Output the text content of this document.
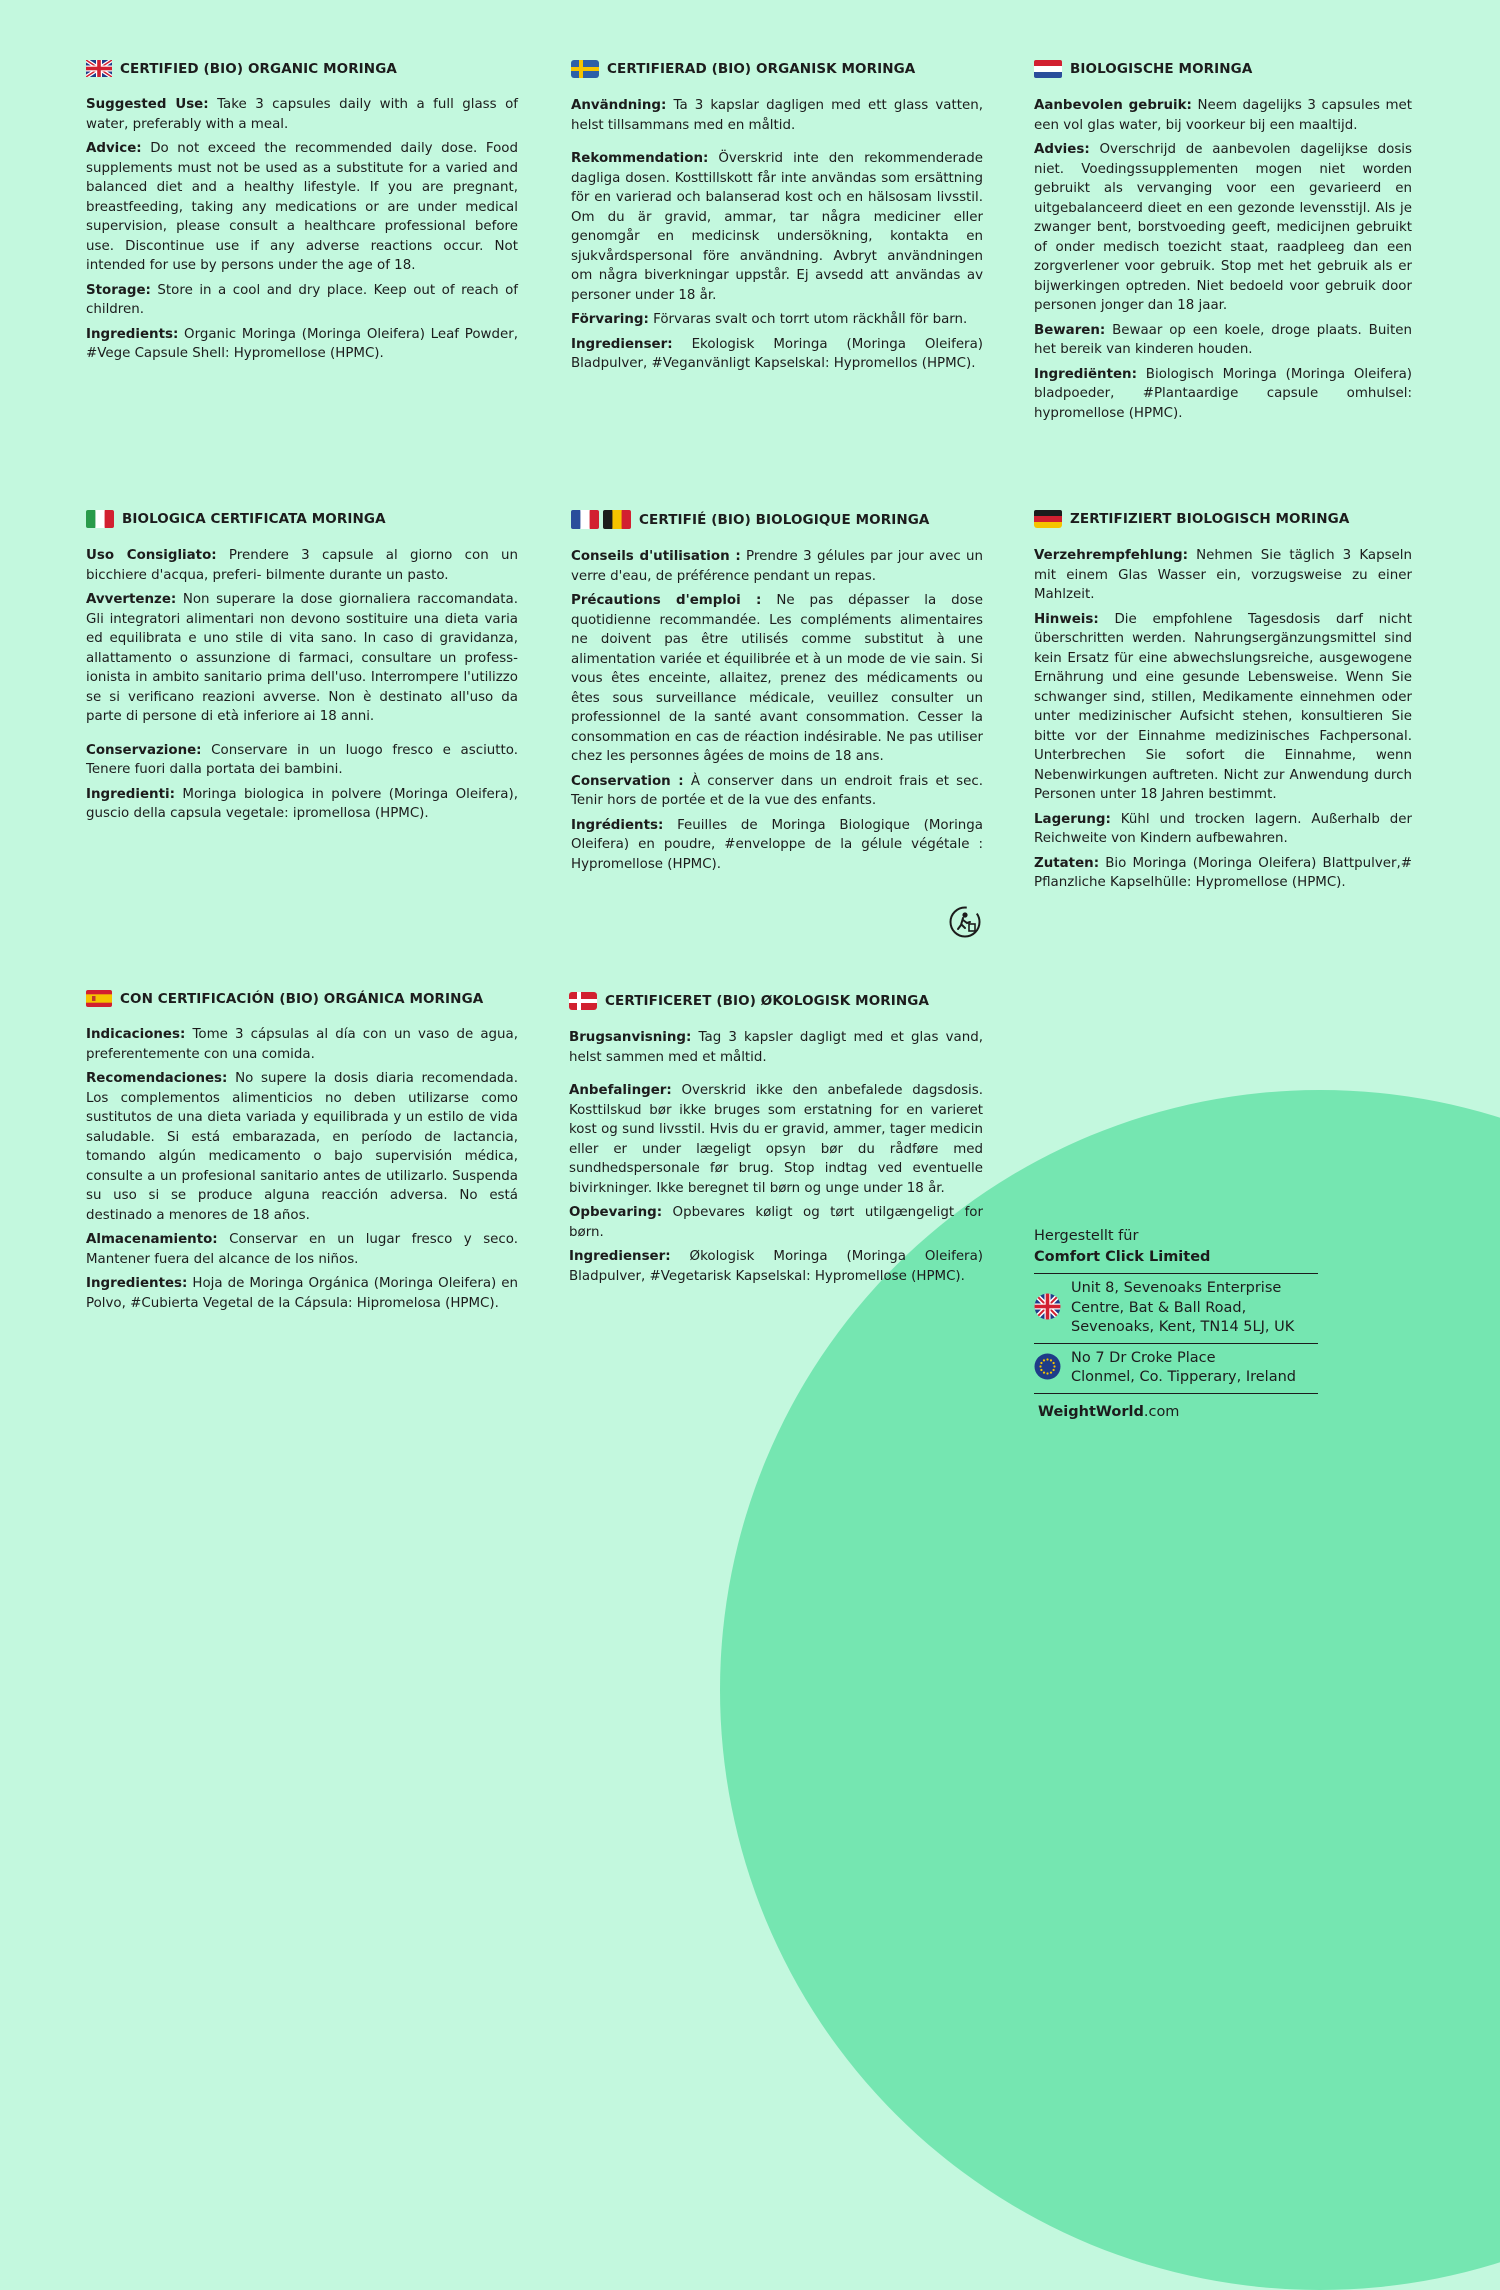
CERTIFIED (BIO) ORGANIC MORINGA
Suggested Use: Take 3 capsules daily with a full glass of water, preferably with a meal.
Advice: Do not exceed the recommended daily dose. Food supplements must not be used as a substitute for a varied and balanced diet and a healthy lifestyle. If you are pregnant, breastfeeding, taking any medications or are under medical supervision, please consult a healthcare professional before use. Discontinue use if any adverse reactions occur. Not intended for use by persons under the age of 18.
Storage: Store in a cool and dry place. Keep out of reach of children.
Ingredients: Organic Moringa (Moringa Oleifera) Leaf Powder, #Vege Capsule Shell: Hypromellose (HPMC).
CERTIFIERAD (BIO) ORGANISK MORINGA
Användning: Ta 3 kapslar dagligen med ett glass vatten, helst tillsammans med en måltid.
Rekommendation: Överskrid inte den rekommenderade dagliga dosen. Kosttillskott får inte användas som ersättning för en varierad och balanserad kost och en hälsosam livsstil. Om du är gravid, ammar, tar några mediciner eller genomgår en medicinsk undersökning, kontakta en sjukvårdspersonal före användning. Avbryt användningen om några biverkningar uppstår. Ej avsedd att användas av personer under 18 år.
Förvaring: Förvaras svalt och torrt utom räckhåll för barn.
Ingredienser: Ekologisk Moringa (Moringa Oleifera) Bladpulver, #Veganvänligt Kapselskal: Hypromellos (HPMC).
BIOLOGISCHE MORINGA
Aanbevolen gebruik: Neem dagelijks 3 capsules met een vol glas water, bij voorkeur bij een maaltijd.
Advies: Overschrijd de aanbevolen dagelijkse dosis niet. Voedingssupplementen mogen niet worden gebruikt als vervanging voor een gevarieerd en uitgebalanceerd dieet en een gezonde levensstijl. Als je zwanger bent, borstvoeding geeft, medicijnen gebruikt of onder medisch toezicht staat, raadpleeg dan een zorgverlener voor gebruik. Stop met het gebruik als er bijwerkingen optreden. Niet bedoeld voor gebruik door personen jonger dan 18 jaar.
Bewaren: Bewaar op een koele, droge plaats. Buiten het bereik van kinderen houden.
Ingrediënten: Biologisch Moringa (Moringa Oleifera) bladpoeder, #Plantaardige capsule omhulsel: hypromellose (HPMC).
BIOLOGICA CERTIFICATA MORINGA
Uso Consigliato: Prendere 3 capsule al giorno con un bicchiere d'acqua, preferi- bilmente durante un pasto.
Avvertenze: Non superare la dose giornaliera raccomandata. Gli integratori alimentari non devono sostituire una dieta varia ed equilibrata e uno stile di vita sano. In caso di gravidanza, allattamento o assunzione di farmaci, consultare un profess- ionista in ambito sanitario prima dell'uso. Interrompere l'utilizzo se si verificano reazioni avverse. Non è destinato all'uso da parte di persone di età inferiore ai 18 anni.
Conservazione: Conservare in un luogo fresco e asciutto. Tenere fuori dalla portata dei bambini.
Ingredienti: Moringa biologica in polvere (Moringa Oleifera), guscio della capsula vegetale: ipromellosa (HPMC).
CERTIFIÉ (BIO) BIOLOGIQUE MORINGA
Conseils d'utilisation : Prendre 3 gélules par jour avec un verre d'eau, de préférence pendant un repas.
Précautions d'emploi : Ne pas dépasser la dose quotidienne recommandée. Les compléments alimentaires ne doivent pas être utilisés comme substitut à une alimentation variée et équilibrée et à un mode de vie sain. Si vous êtes enceinte, allaitez, prenez des médicaments ou êtes sous surveillance médicale, veuillez consulter un professionnel de la santé avant consommation. Cesser la consommation en cas de réaction indésirable. Ne pas utiliser chez les personnes âgées de moins de 18 ans.
Conservation : À conserver dans un endroit frais et sec. Tenir hors de portée et de la vue des enfants.
Ingrédients: Feuilles de Moringa Biologique (Moringa Oleifera) en poudre, #enveloppe de la gélule végétale : Hypromellose (HPMC).
ZERTIFIZIERT BIOLOGISCH MORINGA
Verzehrempfehlung: Nehmen Sie täglich 3 Kapseln mit einem Glas Wasser ein, vorzugsweise zu einer Mahlzeit.
Hinweis: Die empfohlene Tagesdosis darf nicht überschritten werden. Nahrungsergänzungsmittel sind kein Ersatz für eine abwechslungsreiche, ausgewogene Ernährung und eine gesunde Lebensweise. Wenn Sie schwanger sind, stillen, Medikamente einnehmen oder unter medizinischer Aufsicht stehen, konsultieren Sie bitte vor der Einnahme medizinisches Fachpersonal. Unterbrechen Sie sofort die Einnahme, wenn Nebenwirkungen auftreten. Nicht zur Anwendung durch Personen unter 18 Jahren bestimmt.
Lagerung: Kühl und trocken lagern. Außerhalb der Reichweite von Kindern aufbewahren.
Zutaten: Bio Moringa (Moringa Oleifera) Blattpulver,# Pflanzliche Kapselhülle: Hypromellose (HPMC).
CON CERTIFICACIÓN (BIO) ORGÁNICA MORINGA
Indicaciones: Tome 3 cápsulas al día con un vaso de agua, preferentemente con una comida.
Recomendaciones: No supere la dosis diaria recomendada. Los complementos alimenticios no deben utilizarse como sustitutos de una dieta variada y equilibrada y un estilo de vida saludable. Si está embarazada, en período de lactancia, tomando algún medicamento o bajo supervisión médica, consulte a un profesional sanitario antes de utilizarlo. Suspenda su uso si se produce alguna reacción adversa. No está destinado a menores de 18 años.
Almacenamiento: Conservar en un lugar fresco y seco. Mantener fuera del alcance de los niños.
Ingredientes: Hoja de Moringa Orgánica (Moringa Oleifera) en Polvo, #Cubierta Vegetal de la Cápsula: Hipromelosa (HPMC).
CERTIFICERET (BIO) ØKOLOGISK MORINGA
Brugsanvisning: Tag 3 kapsler dagligt med et glas vand, helst sammen med et måltid.
Anbefalinger: Overskrid ikke den anbefalede dagsdosis. Kosttilskud bør ikke bruges som erstatning for en varieret kost og sund livsstil. Hvis du er gravid, ammer, tager medicin eller er under lægeligt opsyn bør du rådføre med sundhedspersonale før brug. Stop indtag ved eventuelle bivirkninger. Ikke beregnet til børn og unge under 18 år.
Opbevaring: Opbevares køligt og tørt utilgængeligt for børn.
Ingredienser: Økologisk Moringa (Moringa Oleifera) Bladpulver, #Vegetarisk Kapselskal: Hypromellose (HPMC).
Hergestellt für
Comfort Click Limited
Unit 8, Sevenoaks Enterprise
Centre, Bat & Ball Road,
Sevenoaks, Kent, TN14 5LJ, UK
No 7 Dr Croke Place
Clonmel, Co. Tipperary, Ireland
WeightWorld.com
